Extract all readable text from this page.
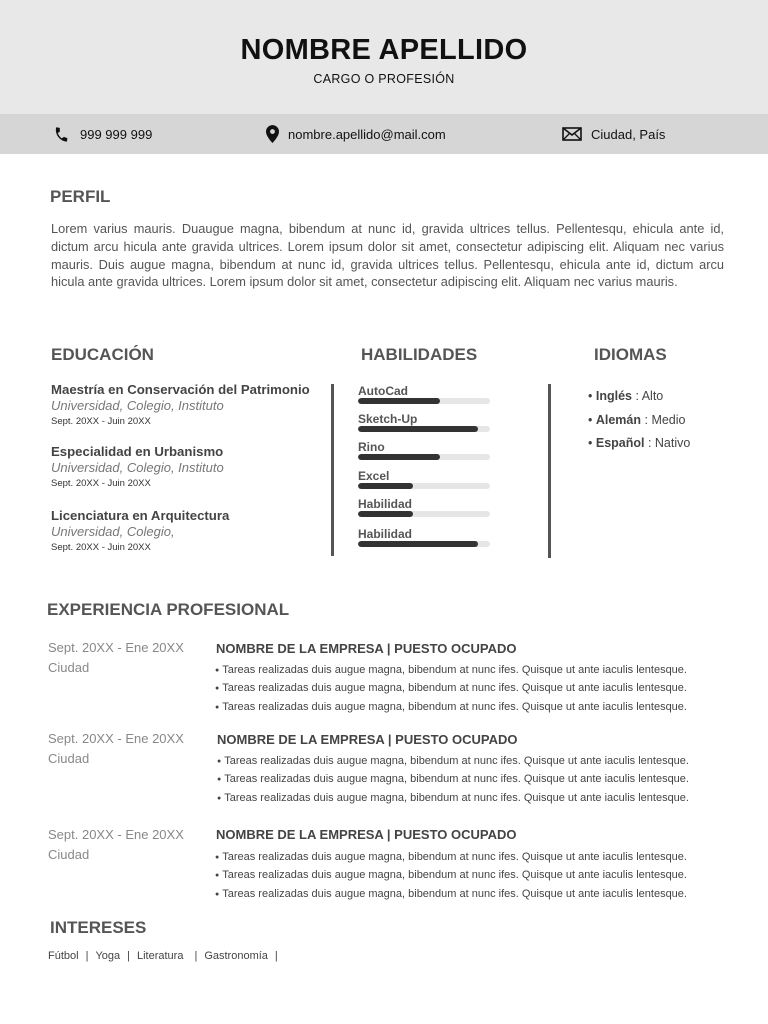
NOMBRE APELLIDO
CARGO O PROFESIÓN
999 999 999	nombre.apellido@mail.com	Ciudad, País
PERFIL
Lorem varius mauris. Duaugue magna, bibendum at nunc id, gravida ultrices tellus. Pellentesqu, ehicula ante id, dictum arcu hicula ante gravida ultrices. Lorem ipsum dolor sit amet, consectetur adipiscing elit. Aliquam nec varius mauris. Duis augue magna, bibendum at nunc id, gravida ultrices tellus. Pellentesqu, ehicula ante id, dictum arcu hicula ante gravida ultrices. Lorem ipsum dolor sit amet, consectetur adipiscing elit. Aliquam nec varius mauris.
EDUCACIÓN
Maestría en Conservación del Patrimonio
Universidad, Colegio, Instituto
Sept. 20XX - Juin 20XX
Especialidad en Urbanismo
Universidad, Colegio, Instituto
Sept. 20XX - Juin 20XX
Licenciatura en Arquitectura
Universidad, Colegio,
Sept. 20XX - Juin 20XX
HABILIDADES
AutoCad
Sketch-Up
Rino
Excel
Habilidad
Habilidad
IDIOMAS
• Inglés : Alto
• Alemán : Medio
• Español : Nativo
EXPERIENCIA PROFESIONAL
Sept. 20XX - Ene 20XX
Ciudad
NOMBRE DE LA EMPRESA | PUESTO OCUPADO
● Tareas realizadas duis augue magna, bibendum at nunc ifes. Quisque ut ante iaculis lentesque.
● Tareas realizadas duis augue magna, bibendum at nunc ifes. Quisque ut ante iaculis lentesque.
● Tareas realizadas duis augue magna, bibendum at nunc ifes. Quisque ut ante iaculis lentesque.
Sept. 20XX - Ene 20XX
Ciudad
NOMBRE DE LA EMPRESA | PUESTO OCUPADO
● Tareas realizadas duis augue magna, bibendum at nunc ifes. Quisque ut ante iaculis lentesque.
● Tareas realizadas duis augue magna, bibendum at nunc ifes. Quisque ut ante iaculis lentesque.
● Tareas realizadas duis augue magna, bibendum at nunc ifes. Quisque ut ante iaculis lentesque.
Sept. 20XX - Ene 20XX
Ciudad
NOMBRE DE LA EMPRESA | PUESTO OCUPADO
● Tareas realizadas duis augue magna, bibendum at nunc ifes. Quisque ut ante iaculis lentesque.
● Tareas realizadas duis augue magna, bibendum at nunc ifes. Quisque ut ante iaculis lentesque.
● Tareas realizadas duis augue magna, bibendum at nunc ifes. Quisque ut ante iaculis lentesque.
INTERESES
Fútbol | Yoga | Literatura | Gastronomía |
